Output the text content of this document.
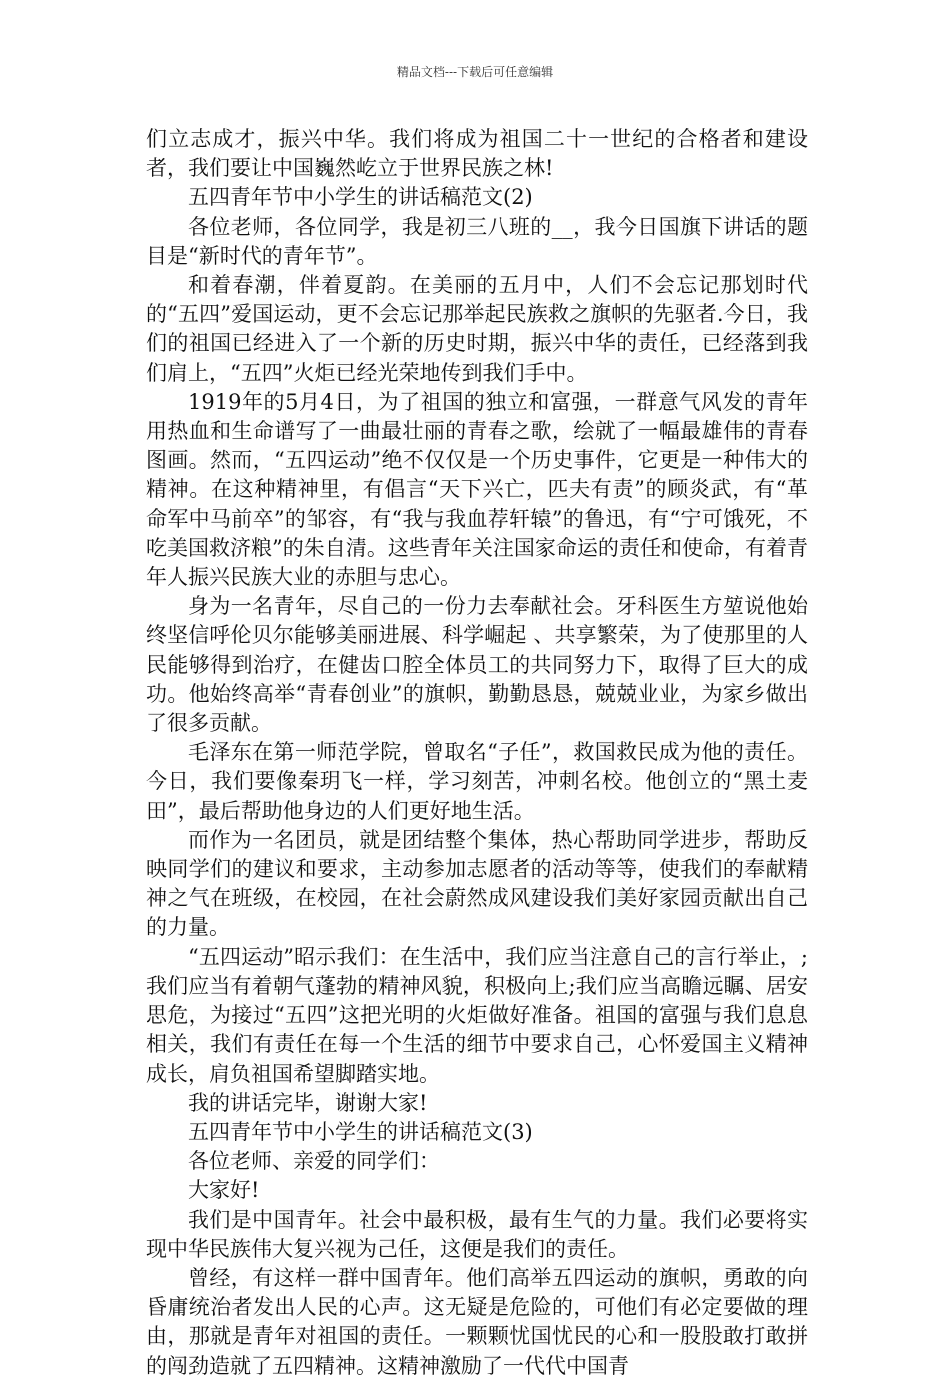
精品文档---下载后可任意编辑

们立志成才，振兴中华。我们将成为祖国二十一世纪的合格者和建设者，我们要让中国巍然屹立于世界民族之林!

五四青年节中小学生的讲话稿范文(2)

各位老师，各位同学，我是初三八班的__，我今日国旗下讲话的题目是“新时代的青年节”。

和着春潮，伴着夏韵。在美丽的五月中，人们不会忘记那划时代的“五四”爱国运动，更不会忘记那举起民族救之旗帜的先驱者.今日，我们的祖国已经进入了一个新的历史时期，振兴中华的责任，已经落到我们肩上，“五四”火炬已经光荣地传到我们手中。

1919年的5月4日，为了祖国的独立和富强，一群意气风发的青年用热血和生命谱写了一曲最壮丽的青春之歌，绘就了一幅最雄伟的青春图画。然而，“五四运动”绝不仅仅是一个历史事件，它更是一种伟大的精神。在这种精神里，有倡言“天下兴亡，匹夫有责”的顾炎武，有“革命军中马前卒”的邹容，有“我与我血荐轩辕”的鲁迅，有“宁可饿死，不吃美国救济粮”的朱自清。这些青年关注国家命运的责任和使命，有着青年人振兴民族大业的赤胆与忠心。

身为一名青年，尽自己的一份力去奉献社会。牙科医生方堃说他始终坚信呼伦贝尔能够美丽进展、科学崛起 、共享繁荣，为了使那里的人民能够得到治疗，在健齿口腔全体员工的共同努力下，取得了巨大的成功。他始终高举“青春创业”的旗帜，勤勤恳恳，兢兢业业，为家乡做出了很多贡献。

毛泽东在第一师范学院，曾取名“子任”，救国救民成为他的责任。今日，我们要像秦玥飞一样，学习刻苦，冲刺名校。他创立的“黑土麦田”，最后帮助他身边的人们更好地生活。

而作为一名团员，就是团结整个集体，热心帮助同学进步，帮助反映同学们的建议和要求，主动参加志愿者的活动等等，使我们的奉献精神之气在班级，在校园，在社会蔚然成风建设我们美好家园贡献出自己的力量。

“五四运动”昭示我们：在生活中，我们应当注意自己的言行举止，;我们应当有着朝气蓬勃的精神风貌，积极向上;我们应当高瞻远瞩、居安思危，为接过“五四”这把光明的火炬做好准备。祖国的富强与我们息息相关，我们有责任在每一个生活的细节中要求自己，心怀爱国主义精神成长，肩负祖国希望脚踏实地。

我的讲话完毕，谢谢大家!

五四青年节中小学生的讲话稿范文(3)

各位老师、亲爱的同学们：

大家好!

我们是中国青年。社会中最积极，最有生气的力量。我们必要将实现中华民族伟大复兴视为己任，这便是我们的责任。

曾经，有这样一群中国青年。他们高举五四运动的旗帜，勇敢的向昏庸统治者发出人民的心声。这无疑是危险的，可他们有必定要做的理由，那就是青年对祖国的责任。一颗颗忧国忧民的心和一股股敢打敢拼的闯劲造就了五四精神。这精神激励了一代代中国青
